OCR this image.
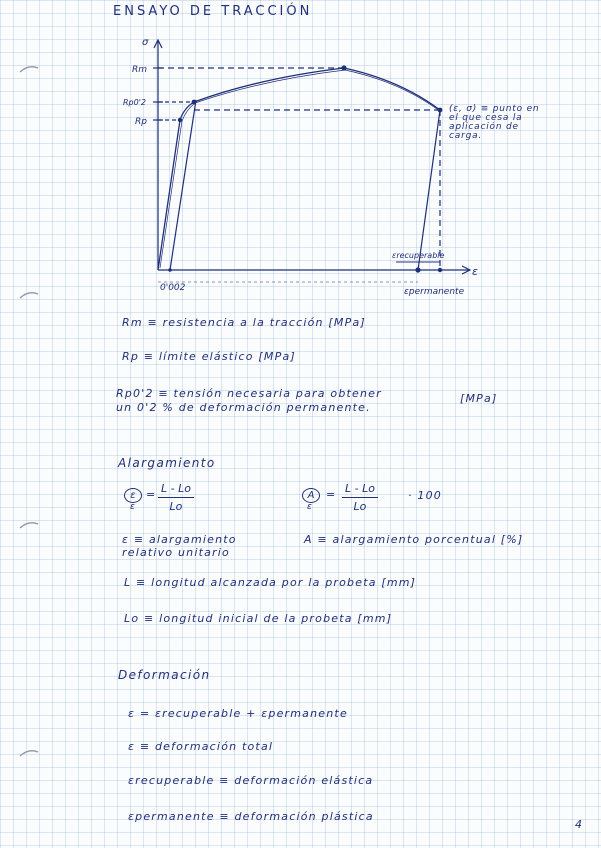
ENSAYO DE TRACCIÓN
σ
ε
Rm
Rp0'2
Rp
0'002
εrecuperable
εpermanente
(ε, σ) ≡ punto en el que cesa la aplicación de carga.
Rm ≡ resistencia a la tracción [MPa]
Rp ≡ límite elástico [MPa]
Rp0'2 ≡ tensión necesaria para obtener
un 0'2 % de deformación permanente.
[MPa]
Alargamiento
ε
ε
= $\frac{L - Lo}{Lo}$	A
ε
= $\frac{L - Lo}{Lo}$	· 100
ε ≡ alargamiento
relativo unitario
A ≡ alargamiento porcentual [%]
L ≡ longitud alcanzada por la probeta [mm]
Lo ≡ longitud inicial de la probeta [mm]
Deformación
ε = εrecuperable + εpermanente
ε ≡ deformación total
εrecuperable ≡ deformación elástica
εpermanente ≡ deformación plástica
4
